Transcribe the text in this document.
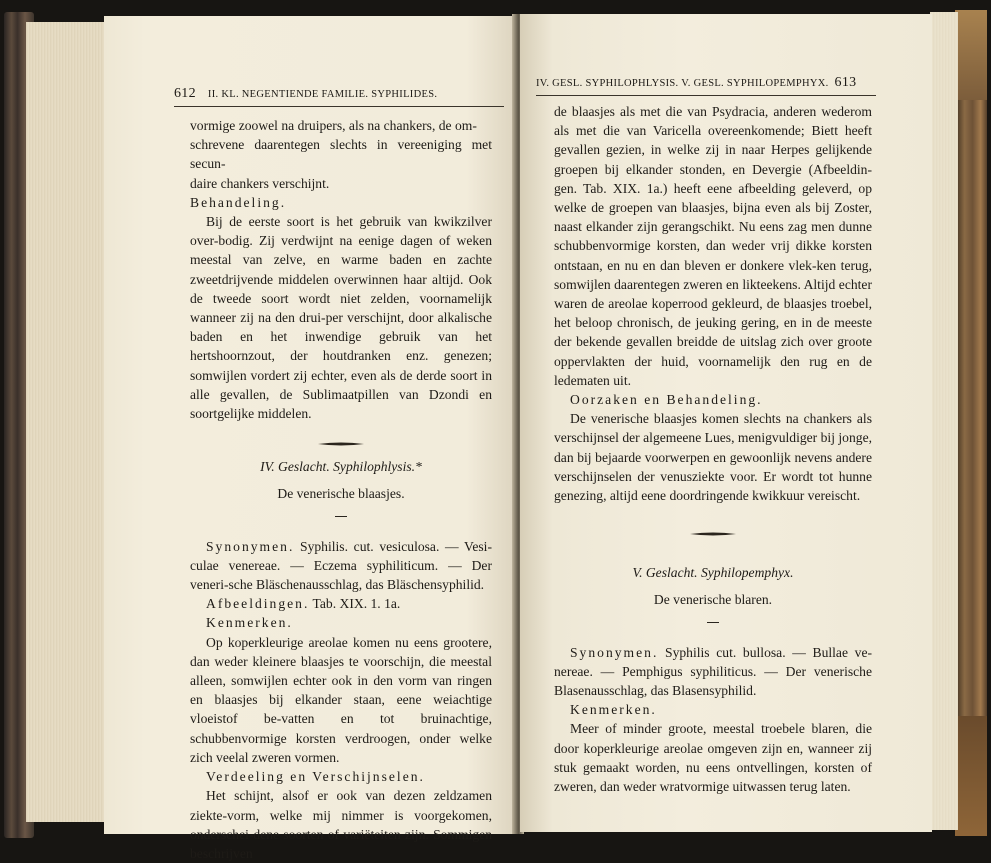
612 II. KL. NEGENTIENDE FAMILIE. SYPHILIDES.

vormige zoowel na druipers, als na chankers, de om-

schrevene daarentegen slechts in vereeniging met secun-

daire chankers verschijnt.

Behandeling.

Bij de eerste soort is het gebruik van kwikzilver over-bodig. Zij verdwijnt na eenige dagen of weken meestal van zelve, en warme baden en zachte zweetdrijvende middelen overwinnen haar altijd. Ook de tweede soort wordt niet zelden, voornamelijk wanneer zij na den drui-per verschijnt, door alkalische baden en het inwendige gebruik van het hertshoornzout, der houtdranken enz. genezen; somwijlen vordert zij echter, even als de derde soort in alle gevallen, de Sublimaatpillen van Dzondi en soortgelijke middelen.

IV. Geslacht. Syphilophlysis.*

De venerische blaasjes.

Synonymen. Syphilis. cut. vesiculosa. — Vesi-culae venereae. — Eczema syphiliticum. — Der veneri-sche Bläschenausschlag, das Bläschensyphilid.

Afbeeldingen. Tab. XIX. 1. 1a.

Kenmerken.

Op koperkleurige areolae komen nu eens grootere, dan weder kleinere blaasjes te voorschijn, die meestal alleen, somwijlen echter ook in den vorm van ringen en blaasjes bij elkander staan, eene weiachtige vloeistof be-vatten en tot bruinachtige, schubbenvormige korsten verdroogen, onder welke zich veelal zweren vormen.

Verdeeling en Verschijnselen.

Het schijnt, alsof er ook van dezen zeldzamen ziekte-vorm, welke mij nimmer is voorgekomen, onderschei-dene soorten of variëteiten zijn. Sommigen beschrijven

IV. GESL. SYPHILOPHLYSIS. V. GESL. SYPHILOPEMPHYX. 613

de blaasjes als met die van Psydracia, anderen wederom als met die van Varicella overeenkomende; Biett heeft gevallen gezien, in welke zij in naar Herpes gelijkende groepen bij elkander stonden, en Devergie (Afbeeldin-gen. Tab. XIX. 1a.) heeft eene afbeelding geleverd, op welke de groepen van blaasjes, bijna even als bij Zoster, naast elkander zijn gerangschikt. Nu eens zag men dunne schubbenvormige korsten, dan weder vrij dikke korsten ontstaan, en nu en dan bleven er donkere vlek-ken terug, somwijlen daarentegen zweren en likteekens. Altijd echter waren de areolae koperrood gekleurd, de blaasjes troebel, het beloop chronisch, de jeuking gering, en in de meeste der bekende gevallen breidde de uitslag zich over groote oppervlakten der huid, voornamelijk den rug en de ledematen uit.

Oorzaken en Behandeling.

De venerische blaasjes komen slechts na chankers als verschijnsel der algemeene Lues, menigvuldiger bij jonge, dan bij bejaarde voorwerpen en gewoonlijk nevens andere verschijnselen der venusziekte voor. Er wordt tot hunne genezing, altijd eene doordringende kwikkuur vereischt.

V. Geslacht. Syphilopemphyx.

De venerische blaren.

Synonymen. Syphilis cut. bullosa. — Bullae ve-nereae. — Pemphigus syphiliticus. — Der venerische Blasenausschlag, das Blasensyphilid.

Kenmerken.

Meer of minder groote, meestal troebele blaren, die door koperkleurige areolae omgeven zijn en, wanneer zij stuk gemaakt worden, nu eens ontvellingen, korsten of zweren, dan weder wratvormige uitwassen terug laten.
